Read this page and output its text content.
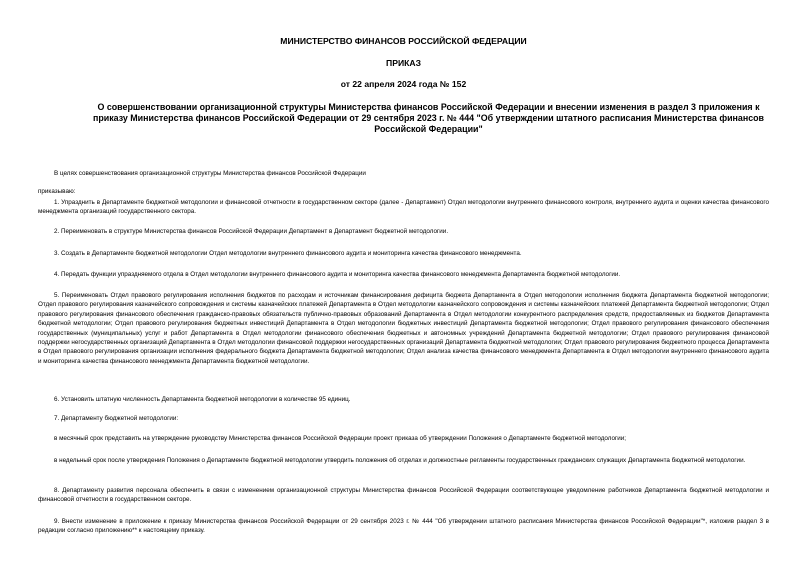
МИНИСТЕРСТВО ФИНАНСОВ РОССИЙСКОЙ ФЕДЕРАЦИИ
ПРИКАЗ
от 22 апреля 2024 года № 152
О совершенствовании организационной структуры Министерства финансов Российской Федерации и внесении изменения в раздел 3 приложения к приказу Министерства финансов Российской Федерации от 29 сентября 2023 г. № 444 "Об утверждении штатного расписания Министерства финансов Российской Федерации"
В целях совершенствования организационной структуры Министерства финансов Российской Федерации
приказываю:
1. Упразднить в Департаменте бюджетной методологии и финансовой отчетности в государственном секторе (далее - Департамент) Отдел методологии внутреннего финансового контроля, внутреннего аудита и оценки качества финансового менеджмента организаций государственного сектора.
2. Переименовать в структуре Министерства финансов Российской Федерации Департамент в Департамент бюджетной методологии.
3. Создать в Департаменте бюджетной методологии Отдел методологии внутреннего финансового аудита и мониторинга качества финансового менеджмента.
4. Передать функции упраздняемого отдела в Отдел методологии внутреннего финансового аудита и мониторинга качества финансового менеджмента Департамента бюджетной методологии.
5. Переименовать Отдел правового регулирования исполнения бюджетов по расходам и источникам финансирования дефицита бюджета Департамента в Отдел методологии исполнения бюджета Департамента бюджетной методологии; Отдел правового регулирования казначейского сопровождения и системы казначейских платежей Департамента в Отдел методологии казначейского сопровождения и системы казначейских платежей Департамента бюджетной методологии; Отдел правового регулирования финансового обеспечения гражданско-правовых обязательств публично-правовых образований Департамента в Отдел методологии конкурентного распределения средств, предоставляемых из бюджетов Департамента бюджетной методологии; Отдел правового регулирования бюджетных инвестиций Департамента в Отдел методологии бюджетных инвестиций Департамента бюджетной методологии; Отдел правового регулирования финансового обеспечения государственных (муниципальных) услуг и работ Департамента в Отдел методологии финансового обеспечения бюджетных и автономных учреждений Департамента бюджетной методологии; Отдел правового регулирования финансовой поддержки негосударственных организаций Департамента в Отдел методологии финансовой поддержки негосударственных организаций Департамента бюджетной методологии; Отдел правового регулирования бюджетного процесса Департамента в Отдел правового регулирования организации исполнения федерального бюджета Департамента бюджетной методологии; Отдел анализа качества финансового менеджмента Департамента в Отдел методологии внутреннего финансового аудита и мониторинга качества финансового менеджмента Департамента бюджетной методологии.
6. Установить штатную численность Департамента бюджетной методологии в количестве 95 единиц.
7. Департаменту бюджетной методологии:
в месячный срок представить на утверждение руководству Министерства финансов Российской Федерации проект приказа об утверждении Положения о Департаменте бюджетной методологии;
в недельный срок после утверждения Положения о Департаменте бюджетной методологии утвердить положения об отделах и должностные регламенты государственных гражданских служащих Департамента бюджетной методологии.
8. Департаменту развития персонала обеспечить в связи с изменением организационной структуры Министерства финансов Российской Федерации соответствующее уведомление работников Департамента бюджетной методологии и финансовой отчетности в государственном секторе.
9. Внести изменение в приложение к приказу Министерства финансов Российской Федерации от 29 сентября 2023 г. № 444 "Об утверждении штатного расписания Министерства финансов Российской Федерации"*, изложив раздел 3 в редакции согласно приложению** к настоящему приказу.
